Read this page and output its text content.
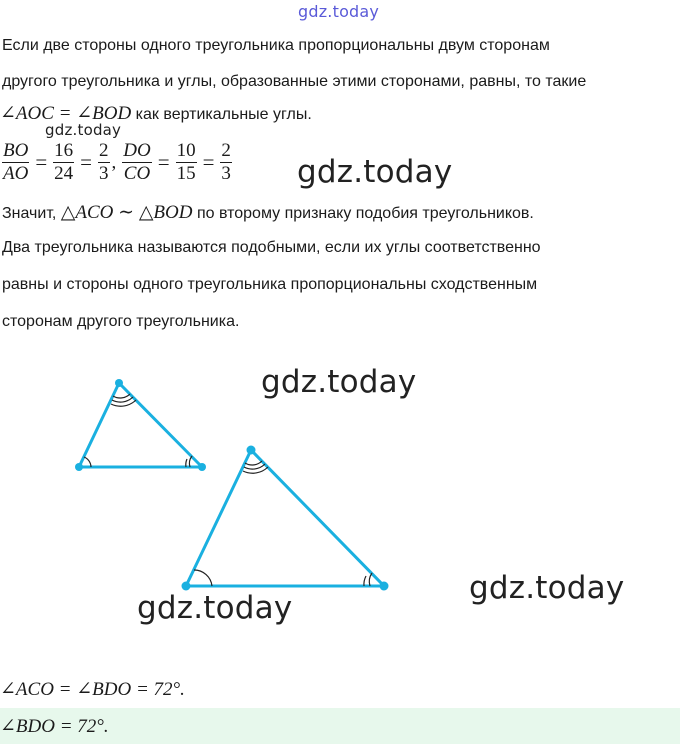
gdz.today
Если две стороны одного треугольника пропорциональны двум сторонам
другого треугольника и углы, образованные этими сторонами, равны, то такие
∠AOC = ∠BOD как вертикальные углы.
gdz.today
$\frac{BO}{AO} = \frac{16}{24} = \frac{2}{3}$ , $\frac{DO}{CO} = \frac{10}{15} = \frac{2}{3}$ gdz.today
Значит, △ACO ∼ △BOD по второму признаку подобия треугольников.
Два треугольника называются подобными, если их углы соответственно
равны и стороны одного треугольника пропорциональны сходственным
сторонам другого треугольника.
gdz.today
gdz.today
gdz.today
∠ACO = ∠BDO = 72°.
∠BDO = 72°.
